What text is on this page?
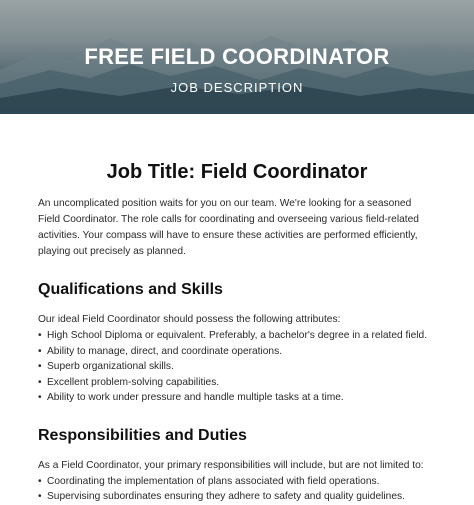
FREE FIELD COORDINATOR
JOB DESCRIPTION
Job Title: Field Coordinator

An uncomplicated position waits for you on our team. We're looking for a seasoned Field Coordinator. The role calls for coordinating and overseeing various field-related activities. Your compass will have to ensure these activities are performed efficiently, playing out precisely as planned.

Qualifications and Skills

Our ideal Field Coordinator should possess the following attributes:

• High School Diploma or equivalent. Preferably, a bachelor's degree in a related field.
• Ability to manage, direct, and coordinate operations.
• Superb organizational skills.
• Excellent problem-solving capabilities.
• Ability to work under pressure and handle multiple tasks at a time.
Responsibilities and Duties

As a Field Coordinator, your primary responsibilities will include, but are not limited to:

• Coordinating the implementation of plans associated with field operations.
• Supervising subordinates ensuring they adhere to safety and quality guidelines.
